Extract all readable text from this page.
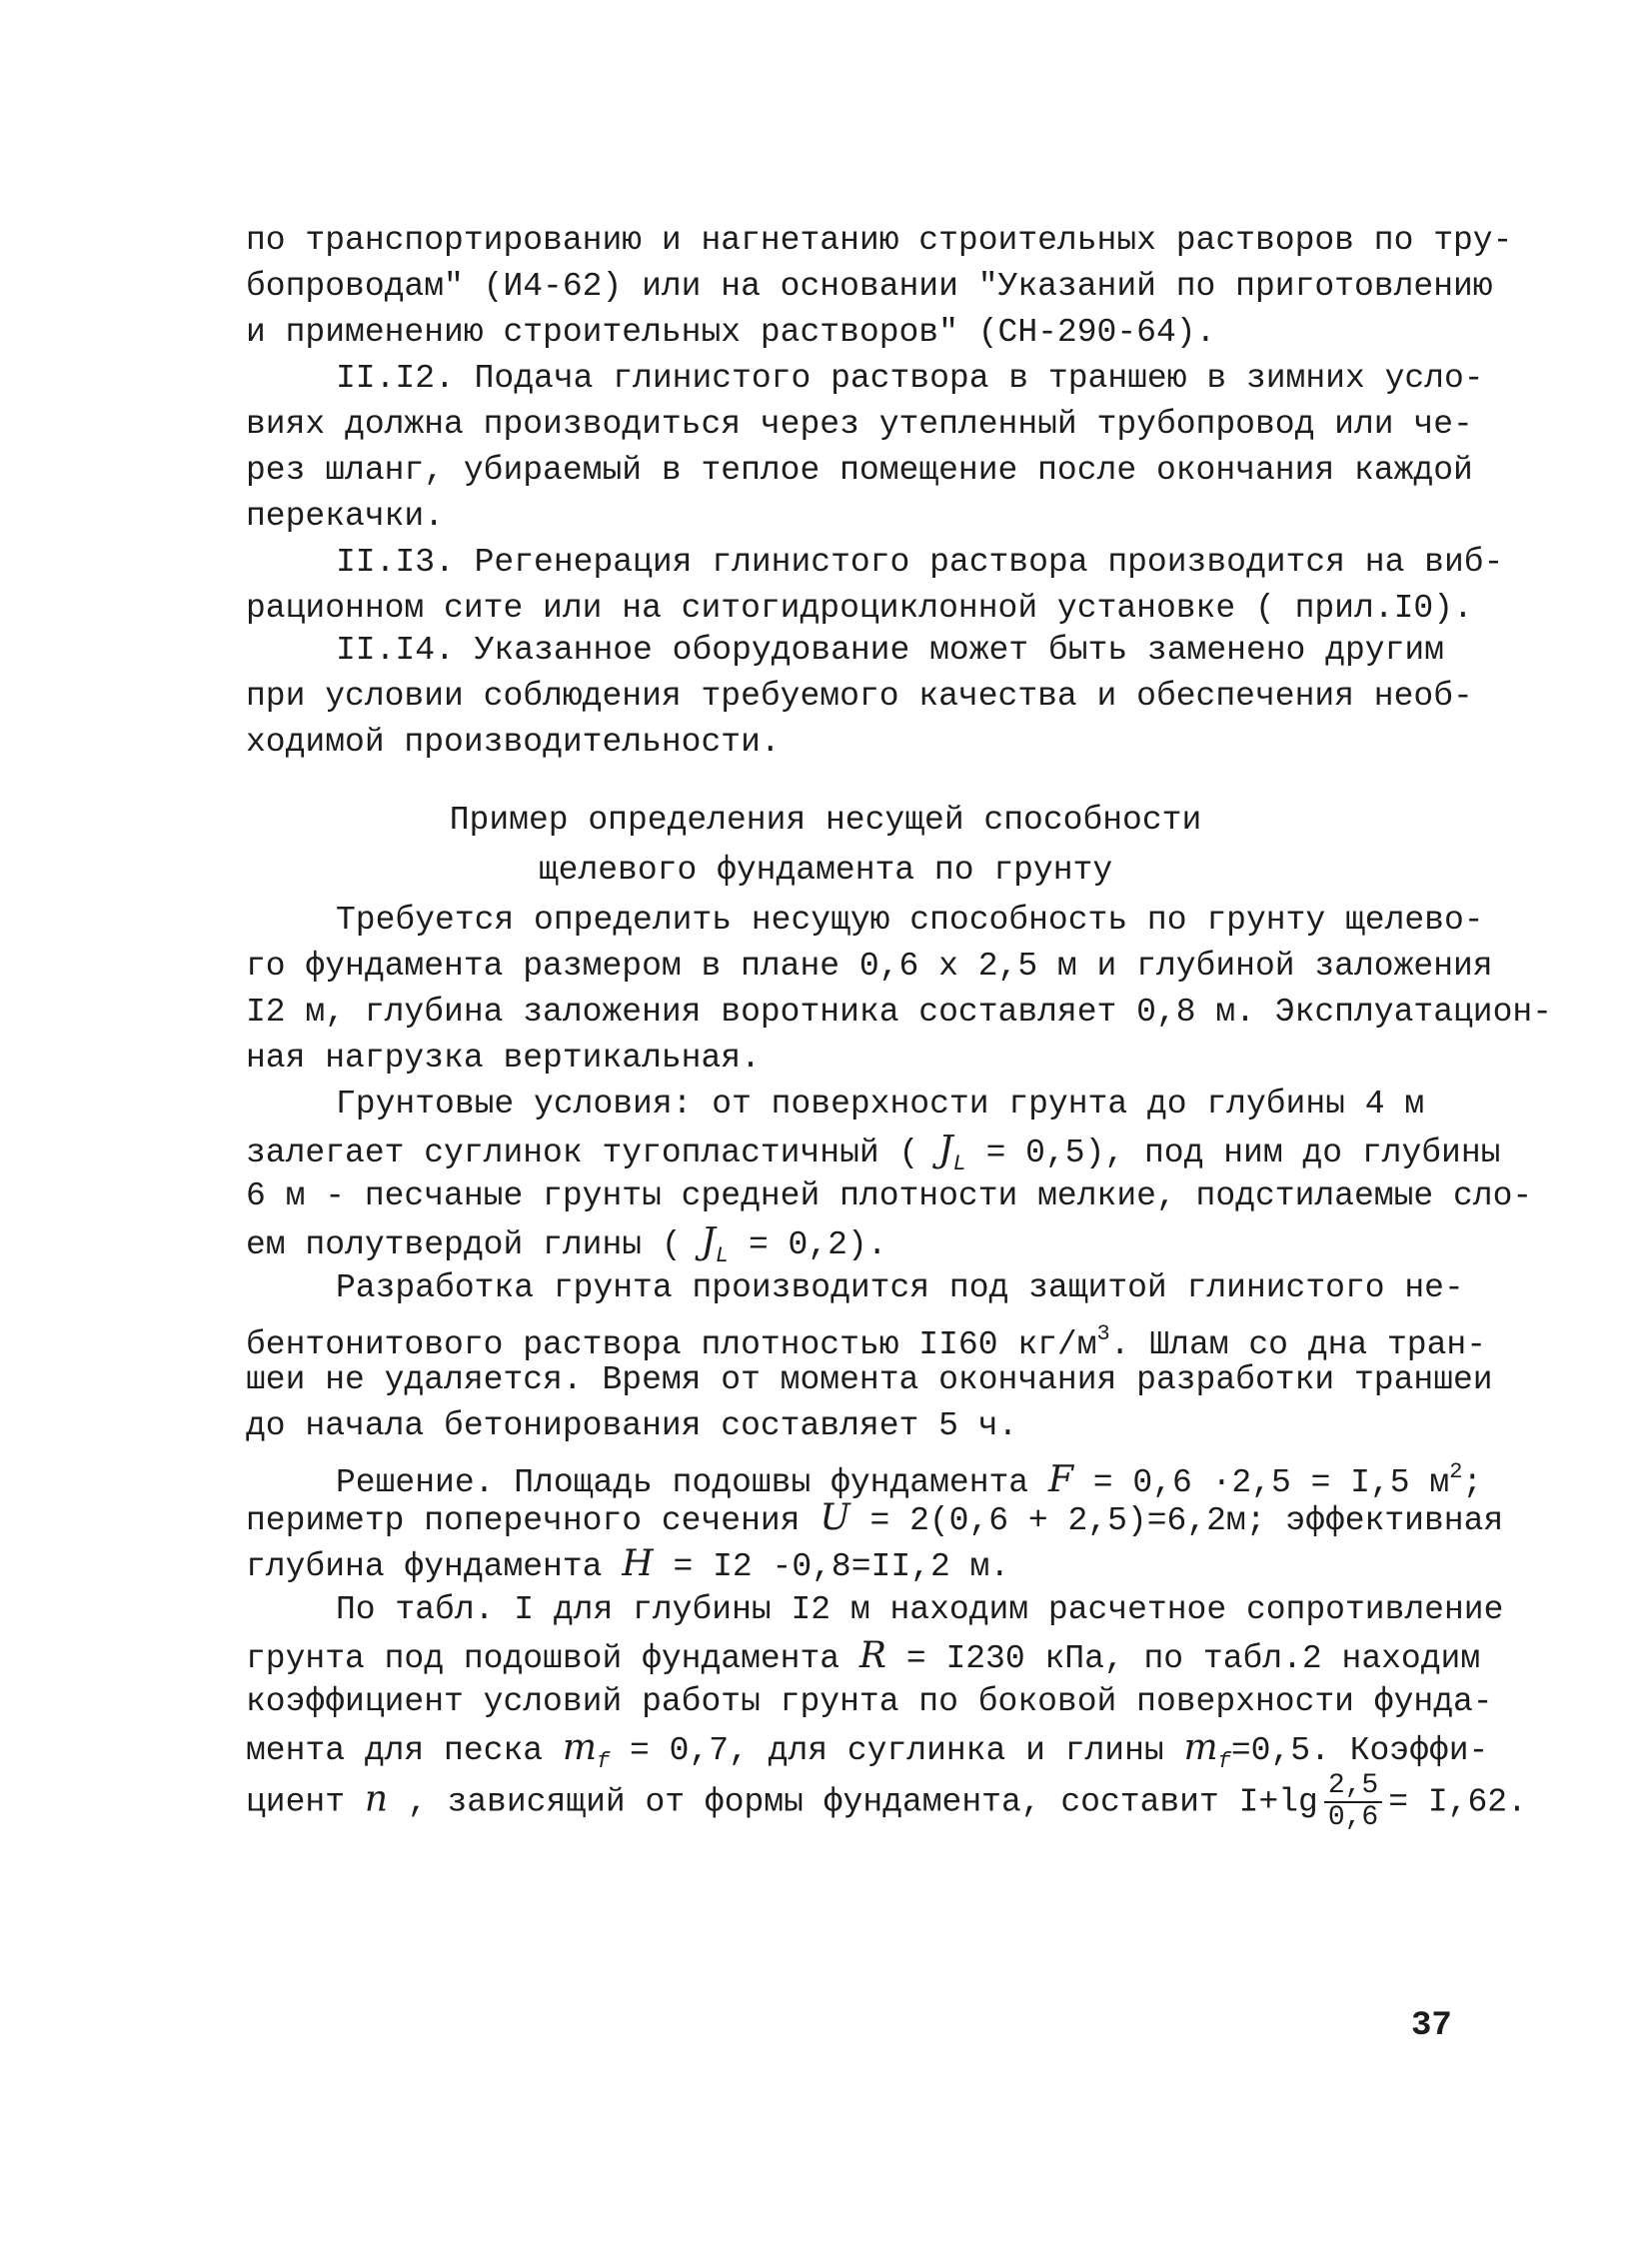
по транспортированию и нагнетанию строительных растворов по тру-
бопроводам" (И4-62) или на основании "Указаний по приготовлению
и применению строительных растворов" (СН-290-64).
II.I2. Подача глинистого раствора в траншею в зимних усло-
виях должна производиться через утепленный трубопровод или че-
рез шланг, убираемый в теплое помещение после окончания каждой
перекачки.
II.I3. Регенерация глинистого раствора производится на виб-
рационном сите или на ситогидроциклонной установке ( прил.I0).
II.I4. Указанное оборудование может быть заменено другим
при условии соблюдения требуемого качества и обеспечения необ-
ходимой производительности.
Пример определения несущей способности
щелевого фундамента по грунту
Требуется определить несущую способность по грунту щелево-
го фундамента размером в плане 0,6 х 2,5 м и глубиной заложения
I2 м, глубина заложения воротника составляет 0,8 м. Эксплуатацион-
ная нагрузка вертикальная.
Грунтовые условия: от поверхности грунта до глубины 4 м
залегает суглинок тугопластичный ( $J_L = 0,5$), под ним до глубины
6 м - песчаные грунты средней плотности мелкие, подстилаемые сло-
ем полутвердой глины ( $J_L = 0,2$).
Разработка грунта производится под защитой глинистого не-
бентонитового раствора плотностью II60 $кг/м^3$. Шлам со дна тран-
шеи не удаляется. Время от момента окончания разработки траншеи
до начала бетонирования составляет 5 ч.
Решение. Площадь подошвы фундамента F = 0,6 ·2,5 = I,5 $м^2$;
периметр поперечного сечения U = 2(0,6 + 2,5)=6,2м; эффективная
глубина фундамента H = I2 -0,8=II,2 м.
По табл. I для глубины I2 м находим расчетное сопротивление
грунта под подошвой фундамента R = I230 кПа, по табл.2 находим
коэффициент условий работы грунта по боковой поверхности фунда-
мента для песка $m_f = 0,7$, для суглинка и глины $m_f=0,5$. Коэффи-
циент n , зависящий от формы фундамента, составит $I+\lg \frac{2,5}{0,6} = I,62$.
37
